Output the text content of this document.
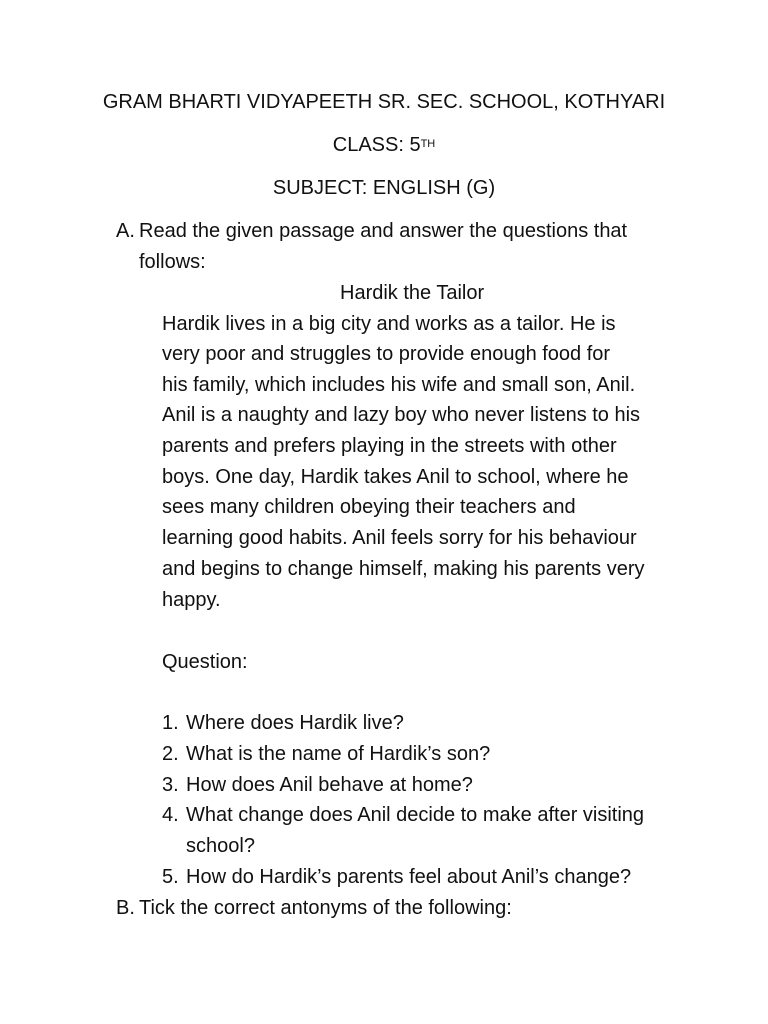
GRAM BHARTI VIDYAPEETH SR. SEC. SCHOOL, KOTHYARI
CLASS: 5TH
SUBJECT: ENGLISH (G)
A. Read the given passage and answer the questions that
follows:
Hardik the Tailor
Hardik lives in a big city and works as a tailor. He is
very poor and struggles to provide enough food for
his family, which includes his wife and small son, Anil.
Anil is a naughty and lazy boy who never listens to his
parents and prefers playing in the streets with other
boys. One day, Hardik takes Anil to school, where he
sees many children obeying their teachers and
learning good habits. Anil feels sorry for his behaviour
and begins to change himself, making his parents very
happy.
Question:
1. Where does Hardik live?
2. What is the name of Hardik’s son?
3. How does Anil behave at home?
4. What change does Anil decide to make after visiting
school?
5. How do Hardik’s parents feel about Anil’s change?
B. Tick the correct antonyms of the following:
